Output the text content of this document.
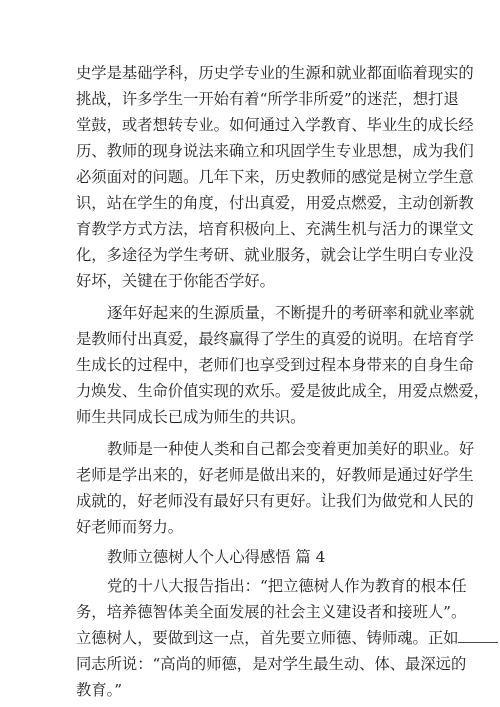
史学是基础学科，历史学专业的生源和就业都面临着现实的
挑战，许多学生一开始有着“所学非所爱”的迷茫，想打退
堂鼓，或者想转专业。如何通过入学教育、毕业生的成长经
历、教师的现身说法来确立和巩固学生专业思想，成为我们
必须面对的问题。几年下来，历史教师的感觉是树立学生意
识，站在学生的角度，付出真爱，用爱点燃爱，主动创新教
育教学方式方法，培育积极向上、充满生机与活力的课堂文
化，多途径为学生考研、就业服务，就会让学生明白专业没
好坏，关键在于你能否学好。
逐年好起来的生源质量，不断提升的考研率和就业率就
是教师付出真爱，最终赢得了学生的真爱的说明。在培育学
生成长的过程中，老师们也享受到过程本身带来的自身生命
力焕发、生命价值实现的欢乐。爱是彼此成全，用爱点燃爱，
师生共同成长已成为师生的共识。
教师是一种使人类和自己都会变着更加美好的职业。好
老师是学出来的，好老师是做出来的，好教师是通过好学生
成就的，好老师没有最好只有更好。让我们为做党和人民的
好老师而努力。
教师立德树人个人心得感悟 篇 4
党的十八大报告指出：“把立德树人作为教育的根本任
务，培养德智体美全面发展的社会主义建设者和接班人”。
立德树人，要做到这一点，首先要立师德、铸师魂。正如
同志所说：“高尚的师德，是对学生最生动、体、最深远的
教育。”
